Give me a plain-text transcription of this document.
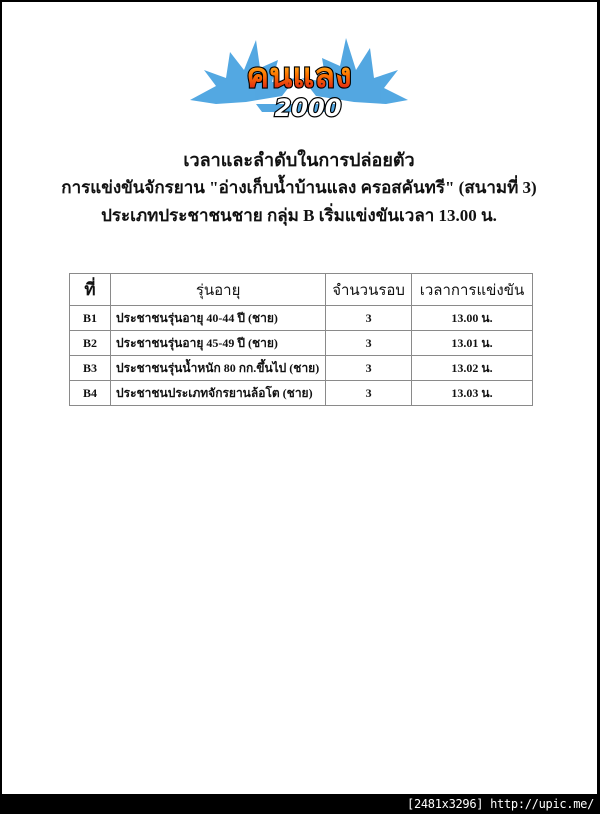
คนแลง
2000
เวลาและลำดับในการปล่อยตัว
การแข่งขันจักรยาน "อ่างเก็บน้ำบ้านแลง ครอสคันทรี" (สนามที่ 3)
ประเภทประชาชนชาย กลุ่ม B เริ่มแข่งขันเวลา 13.00 น.
ที่	รุ่นอายุ	จำนวนรอบ	เวลาการแข่งขัน
B1	ประชาชนรุ่นอายุ 40-44 ปี (ชาย)	3	13.00 น.
B2	ประชาชนรุ่นอายุ 45-49 ปี (ชาย)	3	13.01 น.
B3	ประชาชนรุ่นน้ำหนัก 80 กก.ขึ้นไป (ชาย)	3	13.02 น.
B4	ประชาชนประเภทจักรยานล้อโต (ชาย)	3	13.03 น.
[2481x3296] http://upic.me/
